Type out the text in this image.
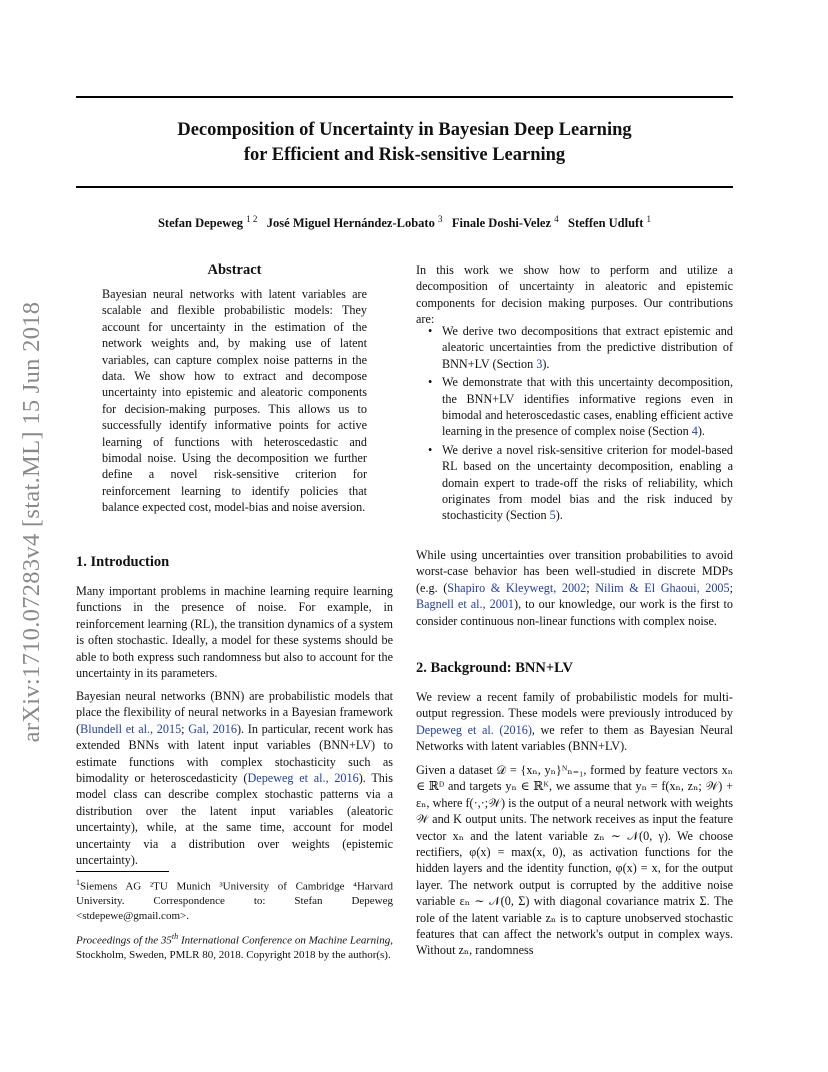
Decomposition of Uncertainty in Bayesian Deep Learning
for Efficient and Risk-sensitive Learning
Stefan Depeweg $^{1 2}$ José Miguel Hernández-Lobato $^3$ Finale Doshi-Velez $^4$ Steffen Udluft $^1$
arXiv:1710.07283v4 [stat.ML] 15 Jun 2018
Abstract
Bayesian neural networks with latent variables are scalable and flexible probabilistic models: They account for uncertainty in the estimation of the network weights and, by making use of latent variables, can capture complex noise patterns in the data. We show how to extract and decompose uncertainty into epistemic and aleatoric components for decision-making purposes. This allows us to successfully identify informative points for active learning of functions with heteroscedastic and bimodal noise. Using the decomposition we further define a novel risk-sensitive criterion for reinforcement learning to identify policies that balance expected cost, model-bias and noise aversion.
1. Introduction
Many important problems in machine learning require learning functions in the presence of noise. For example, in reinforcement learning (RL), the transition dynamics of a system is often stochastic. Ideally, a model for these systems should be able to both express such randomness but also to account for the uncertainty in its parameters.
Bayesian neural networks (BNN) are probabilistic models that place the flexibility of neural networks in a Bayesian framework (Blundell et al., 2015; Gal, 2016). In particular, recent work has extended BNNs with latent input variables (BNN+LV) to estimate functions with complex stochasticity such as bimodality or heteroscedasticity (Depeweg et al., 2016). This model class can describe complex stochastic patterns via a distribution over the latent input variables (aleatoric uncertainty), while, at the same time, account for model uncertainty via a distribution over weights (epistemic uncertainty).
$^1$Siemens AG ²TU Munich ³University of Cambridge ⁴Harvard University. Correspondence to: Stefan Depeweg <stdepewe@gmail.com>.
Proceedings of the 35th International Conference on Machine Learning, Stockholm, Sweden, PMLR 80, 2018. Copyright 2018 by the author(s).
In this work we show how to perform and utilize a decomposition of uncertainty in aleatoric and epistemic components for decision making purposes. Our contributions are:
• We derive two decompositions that extract epistemic and aleatoric uncertainties from the predictive distribution of BNN+LV (Section 3).
• We demonstrate that with this uncertainty decomposition, the BNN+LV identifies informative regions even in bimodal and heteroscedastic cases, enabling efficient active learning in the presence of complex noise (Section 4).
• We derive a novel risk-sensitive criterion for model-based RL based on the uncertainty decomposition, enabling a domain expert to trade-off the risks of reliability, which originates from model bias and the risk induced by stochasticity (Section 5).
While using uncertainties over transition probabilities to avoid worst-case behavior has been well-studied in discrete MDPs (e.g. (Shapiro & Kleywegt, 2002; Nilim & El Ghaoui, 2005; Bagnell et al., 2001), to our knowledge, our work is the first to consider continuous non-linear functions with complex noise.
2. Background: BNN+LV
We review a recent family of probabilistic models for multi-output regression. These models were previously introduced by Depeweg et al. (2016), we refer to them as Bayesian Neural Networks with latent variables (BNN+LV).
Given a dataset 𝒟 = {xₙ, yₙ}ᴺₙ₌₁, formed by feature vectors xₙ ∈ ℝᴰ and targets yₙ ∈ ℝᴷ, we assume that yₙ = f(xₙ, zₙ; 𝒲) + εₙ, where f(·,·;𝒲) is the output of a neural network with weights 𝒲 and K output units. The network receives as input the feature vector xₙ and the latent variable zₙ ∼ 𝒩(0, γ). We choose rectifiers, φ(x) = max(x, 0), as activation functions for the hidden layers and the identity function, φ(x) = x, for the output layer. The network output is corrupted by the additive noise variable εₙ ∼ 𝒩(0, Σ) with diagonal covariance matrix Σ. The role of the latent variable zₙ is to capture unobserved stochastic features that can affect the network's output in complex ways. Without zₙ, randomness
